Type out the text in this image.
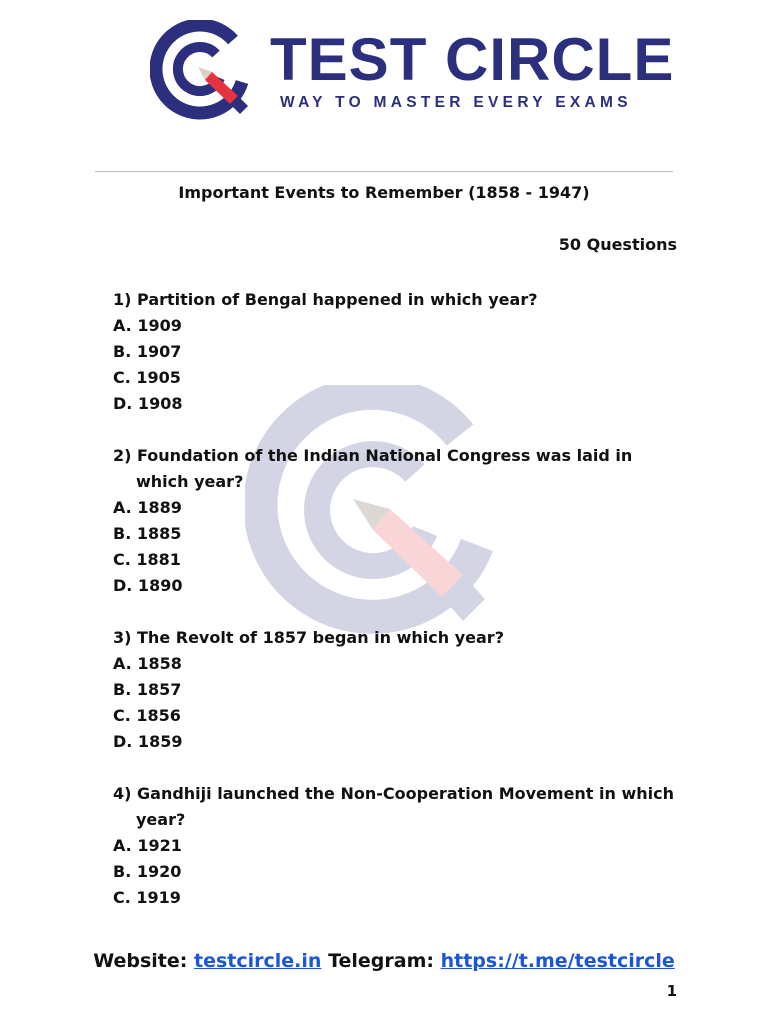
TEST CIRCLE
WAY TO MASTER EVERY EXAMS
Important Events to Remember (1858 - 1947)
50 Questions

1) Partition of Bengal happened in which year?

A. 1909

B. 1907

C. 1905

D. 1908

2) Foundation of the Indian National Congress was laid in which year?

A. 1889

B. 1885

C. 1881

D. 1890

3) The Revolt of 1857 began in which year?

A. 1858

B. 1857

C. 1856

D. 1859

4) Gandhiji launched the Non-Cooperation Movement in which year?

A. 1921

B. 1920

C. 1919

Website: testcircle.in Telegram: https://t.me/testcircle
1
